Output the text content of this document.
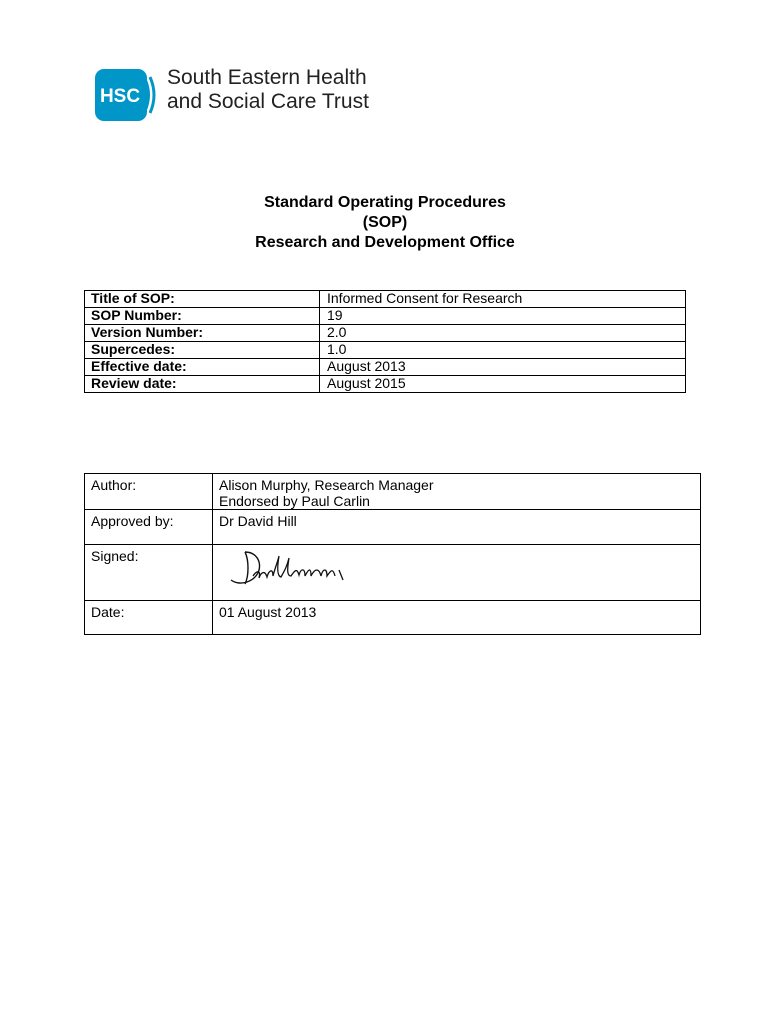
HSC
South Eastern Health
and Social Care Trust
Standard Operating Procedures
(SOP)
Research and Development Office
Title of SOP:	Informed Consent for Research
SOP Number:	19
Version Number:	2.0
Supercedes:	1.0
Effective date:	August 2013
Review date:	August 2015
Author:	Alison Murphy, Research Manager
Endorsed by Paul Carlin

Approved by:	Dr David Hill
Signed:	

Date:	01 August 2013
